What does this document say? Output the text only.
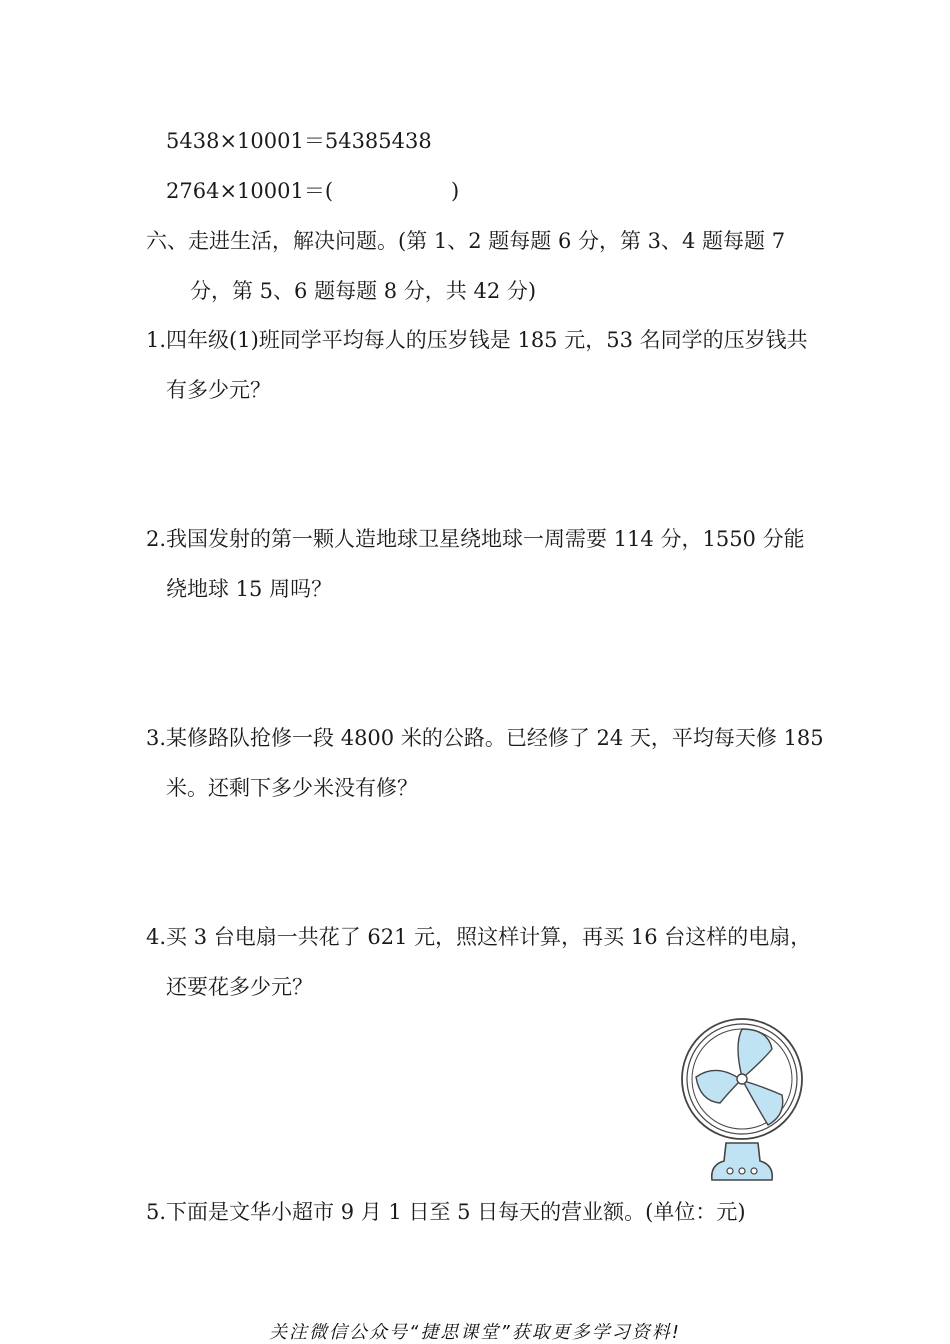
5438×10001＝54385438
2764×10001＝(	)
六、走进生活，解决问题。(第 1、2 题每题 6 分，第 3、4 题每题 7
分，第 5、6 题每题 8 分，共 42 分)
1.四年级(1)班同学平均每人的压岁钱是 185 元，53 名同学的压岁钱共
有多少元？
2.我国发射的第一颗人造地球卫星绕地球一周需要 114 分，1550 分能
绕地球 15 周吗？
3.某修路队抢修一段 4800 米的公路。已经修了 24 天，平均每天修 185
米。还剩下多少米没有修？
4.买 3 台电扇一共花了 621 元，照这样计算，再买 16 台这样的电扇，
还要花多少元？
5.下面是文华小超市 9 月 1 日至 5 日每天的营业额。(单位：元)
关注微信公众号“捷思课堂”获取更多学习资料!
